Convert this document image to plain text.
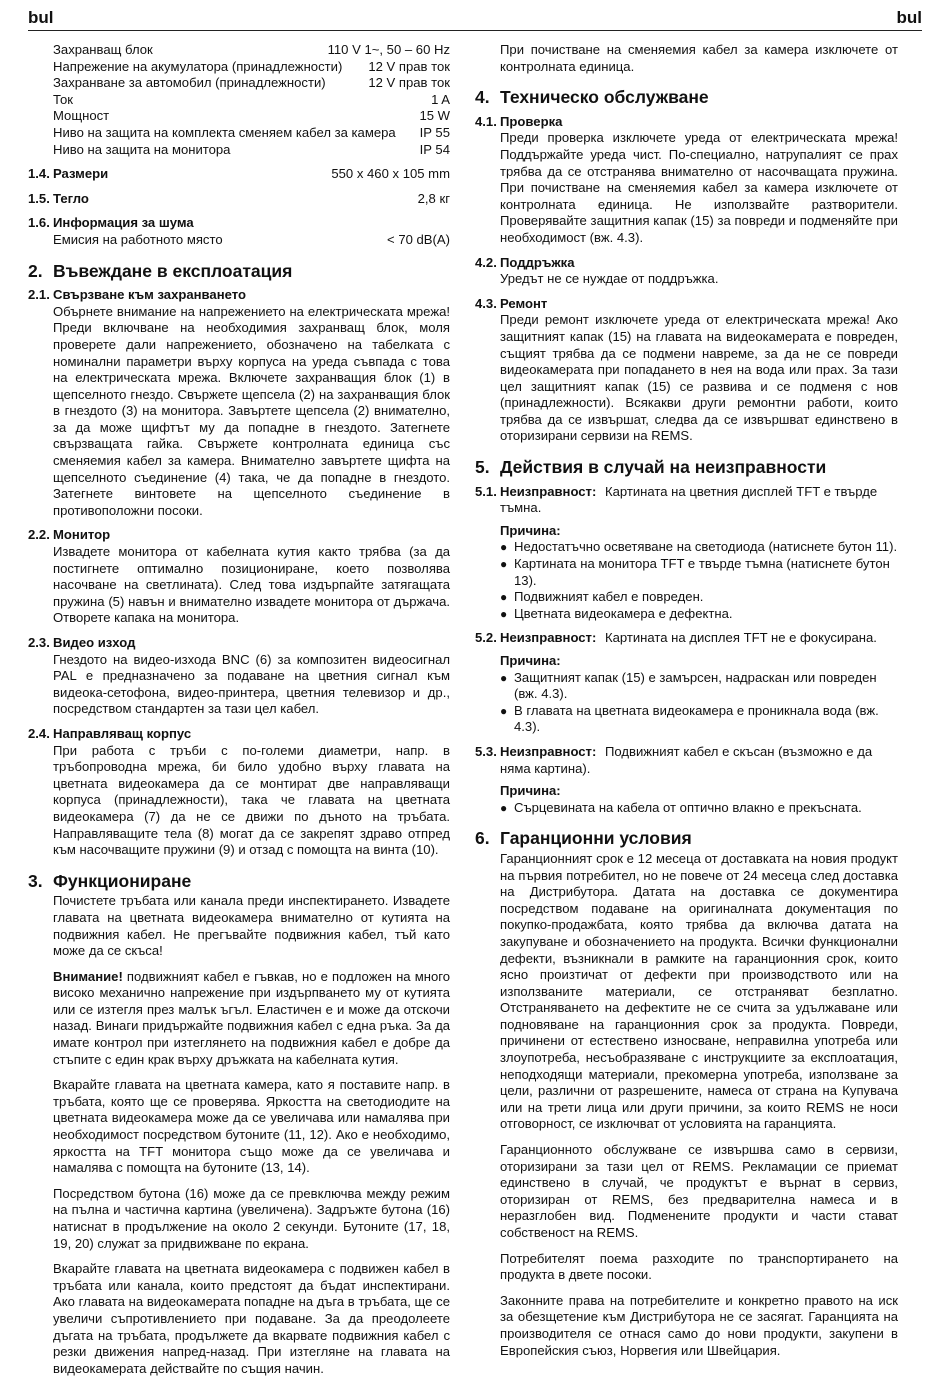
bul	bul
Захранващ блок	110 V 1~, 50 – 60 Hz
Напрежение на акумулатора (принадлежности) 12 V прав ток
Захранване за автомобил (принадлежности)	12 V прав ток
Ток	1 A
Мощност	15 W
Ниво на защита на комплекта сменяем кабел за камера IP 55
Ниво на защита на монитора	IP 54
1.4. Размери	550 x 460 x 105 mm
1.5. Тегло	2,8 кг
1.6. Информация за шума
Емисия на работното място	< 70 dB(A)
2. Въвеждане в експлоатация
2.1. Свързване към захранването

Обърнете внимание на напрежението на електрическата мрежа! Преди включване на необходимия захранващ блок, моля проверете дали напрежението, обозначено на табелката с номинални параметри върху корпуса на уреда съвпада с това на електрическата мрежа. Включете захранващия блок (1) в щепселното гнездо. Свържете щепсела (2) на захранващия блок в гнездото (3) на монитора. Завъртете щепсела (2) внимателно, за да може щифтът му да попадне в гнездото. Затегнете свързващата гайка. Свържете контролната единица със сменяемия кабел за камера. Внимателно завъртете щифта на щепселното съединение (4) така, че да попадне в гнездото. Затегнете винтовете на щепселното съединение в противоположни посоки.

2.2. Монитор

Извадете монитора от кабелната кутия както трябва (за да постигнете оптимално позициониране, което позволява насочване на светлината). След това издърпайте затягащата пружина (5) навън и внимателно извадете монитора от държача. Отворете капака на монитора.

2.3. Видео изход

Гнездото на видео-изхода BNC (6) за композитен видеосигнал PAL е предназначено за подаване на цветния сигнал към видеока-сетофона, видео-принтера, цветния телевизор и др., посредством стандартен за тази цел кабел.

2.4. Направляващ корпус

При работа с тръби с по-големи диаметри, напр. в тръбопроводна мрежа, би било удобно върху главата на цветната видеокамера да се монтират две направляващи корпуса (принадлежности), така че главата на цветната видеокамера (7) да не се движи по дъното на тръбата. Направляващите тела (8) могат да се закрепят здраво отпред към насочващите пружини (9) и отзад с помощта на винта (10).

3. Функциониране

Почистете тръбата или канала преди инспектирането. Извадете главата на цветната видеокамера внимателно от кутията на подвижния кабел. Не прегъвайте подвижния кабел, тъй като може да се скъса!

Внимание! подвижният кабел е гъвкав, но е подложен на много високо механично напрежение при издърпването му от кутията или се изтегля през малък ъгъл. Еластичен е и може да отскочи назад. Винаги придържайте подвижния кабел с една ръка. За да имате контрол при изтеглянето на подвижния кабел е добре да стъпите с един крак върху дръжката на кабелната кутия.

Вкарайте главата на цветната камера, като я поставите напр. в тръбата, която ще се проверява. Яркостта на светодиодите на цветната видеокамера може да се увеличава или намалява при необходимост посредством бутоните (11, 12). Ако е необходимо, яркостта на TFT монитора също може да се увеличава и намалява с помощта на бутоните (13, 14).

Посредством бутона (16) може да се превключва между режим на пълна и частична картина (увеличена). Задръжте бутона (16) натиснат в продължение на около 2 секунди. Бутоните (17, 18, 19, 20) служат за придвижване по екрана.

Вкарайте главата на цветната видеокамера с подвижен кабел в тръбата или канала, които предстоят да бъдат инспектирани. Ако главата на видеокамерата попадне на дъга в тръбата, ще се увеличи съпротивлението при подаване. За да преодолеете дъгата на тръбата, продължете да вкарвате подвижния кабел с резки движения напред-назад. При изтегляне на главата на видеокамерата действайте по същия начин.

При почистване на сменяемия кабел за камера изключете от контролната единица.

4. Техническо обслужване
4.1. Проверка

Преди проверка изключете уреда от електрическата мрежа! Поддържайте уреда чист. По-специално, натрупалият се прах трябва да се отстранява внимателно от насочващата пружина. При почистване на сменяемия кабел за камера изключете от контролната единица. Не използвайте разтворители. Проверявайте защитния капак (15) за повреди и подменяйте при необходимост (вж. 4.3).

4.2. Поддръжка

Уредът не се нуждае от поддръжка.

4.3. Ремонт

Преди ремонт изключете уреда от електрическата мрежа! Ако защитният капак (15) на главата на видеокамерата е повреден, същият трябва да се подмени навреме, за да не се повреди видеокамерата при попадането в нея на вода или прах. За тази цел защитният капак (15) се развива и се подменя с нов (принадлежности). Всякакви други ремонтни работи, които трябва да се извършат, следва да се извършват единствено в оторизирани сервизи на REMS.

5. Действия в случай на неизправности
5.1. Неизправност: Картината на цветния дисплей TFT е твърде тъмна.
Причина:
● Недостатъчно осветяване на светодиода (натиснете бутон 11).
● Картината на монитора TFT е твърде тъмна (натиснете бутон 13).
● Подвижният кабел е повреден.
● Цветната видеокамера е дефектна.
5.2. Неизправност: Картината на дисплея TFT не е фокусирана.
Причина:
● Защитният капак (15) е замърсен, надраскан или повреден (вж. 4.3).
● В главата на цветната видеокамера е проникнала вода (вж. 4.3).
5.3. Неизправност: Подвижният кабел е скъсан (възможно е да няма картина).
Причина:
● Сърцевината на кабела от оптично влакно е прекъсната.
6. Гаранционни условия

Гаранционният срок е 12 месеца от доставката на новия продукт на първия потребител, но не повече от 24 месеца след доставка на Дистрибутора. Датата на доставка се документира посредством подаване на оригиналната документация по покупко-продажбата, която трябва да включва датата на закупуване и обозначението на продукта. Всички функционални дефекти, възникнали в рамките на гаранционния срок, които ясно произтичат от дефекти при производството или на използваните материали, се отстраняват безплатно. Отстраняването на дефектите не се счита за удължаване или подновяване на гаранционния срок за продукта. Повреди, причинени от естествено износване, неправилна употреба или злоупотреба, несъобразяване с инструкциите за експлоатация, неподходящи материали, прекомерна употреба, използване за цели, различни от разрешените, намеса от страна на Купувача или на трети лица или други причини, за които REMS не носи отговорност, се изключват от условията на гаранцията.

Гаранционното обслужване се извършва само в сервизи, оторизирани за тази цел от REMS. Рекламации се приемат единствено в случай, че продуктът е върнат в сервиз, оторизиран от REMS, без предварителна намеса и в неразглобен вид. Подменените продукти и части стават собственост на REMS.

Потребителят поема разходите по транспортирането на продукта в двете посоки.

Законните права на потребителите и конкретно правото на иск за обезщетение към Дистрибутора не се засягат. Гаранцията на производителя се отнася само до нови продукти, закупени в Европейския съюз, Норвегия или Швейцария.
